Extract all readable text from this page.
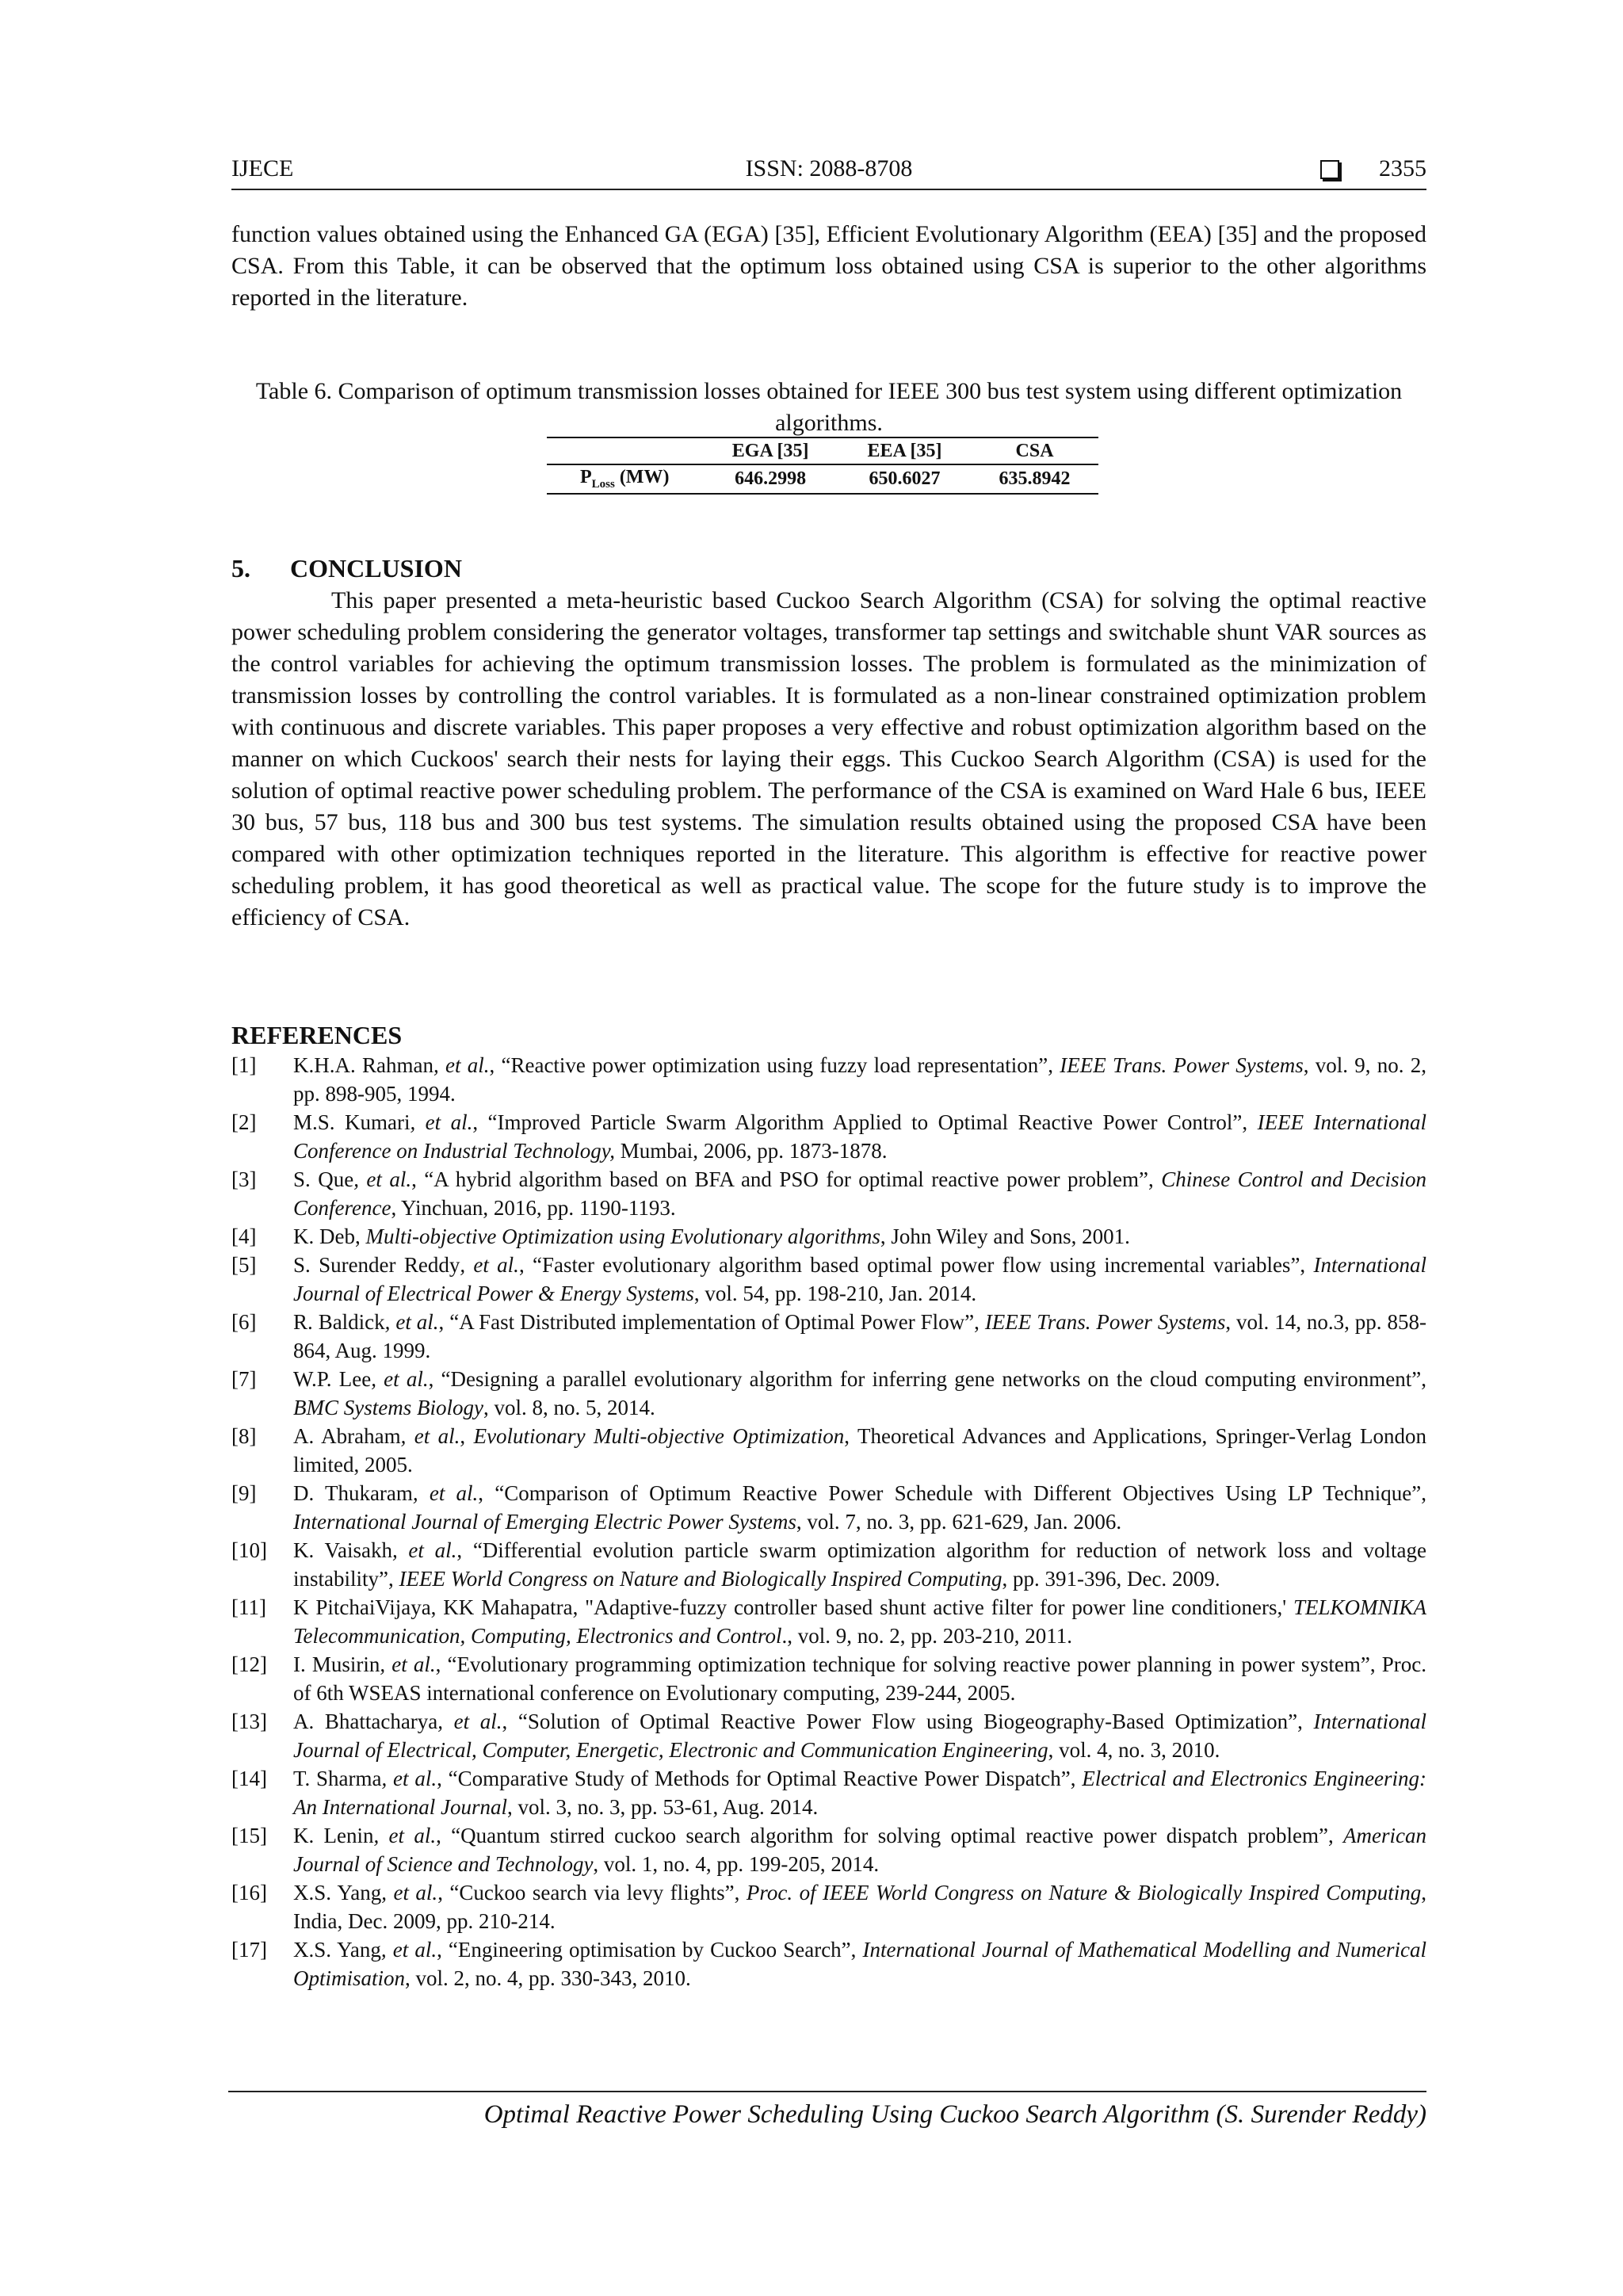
IJECE	ISSN: 2088-8708	2355

function values obtained using the Enhanced GA (EGA) [35], Efficient Evolutionary Algorithm (EEA) [35] and the proposed CSA. From this Table, it can be observed that the optimum loss obtained using CSA is superior to the other algorithms reported in the literature.

Table 6. Comparison of optimum transmission losses obtained for IEEE 300 bus test system using different optimization algorithms.

	EGA [35]	EEA [35]	CSA
$P_{Loss}$ (MW)	646.2998	650.6027	635.8942
5. CONCLUSION

This paper presented a meta-heuristic based Cuckoo Search Algorithm (CSA) for solving the optimal reactive power scheduling problem considering the generator voltages, transformer tap settings and switchable shunt VAR sources as the control variables for achieving the optimum transmission losses. The problem is formulated as the minimization of transmission losses by controlling the control variables. It is formulated as a non-linear constrained optimization problem with continuous and discrete variables. This paper proposes a very effective and robust optimization algorithm based on the manner on which Cuckoos' search their nests for laying their eggs. This Cuckoo Search Algorithm (CSA) is used for the solution of optimal reactive power scheduling problem. The performance of the CSA is examined on Ward Hale 6 bus, IEEE 30 bus, 57 bus, 118 bus and 300 bus test systems. The simulation results obtained using the proposed CSA have been compared with other optimization techniques reported in the literature. This algorithm is effective for reactive power scheduling problem, it has good theoretical as well as practical value. The scope for the future study is to improve the efficiency of CSA.

REFERENCES
[1] K.H.A. Rahman, et al., “Reactive power optimization using fuzzy load representation”, IEEE Trans. Power Systems, vol. 9, no. 2, pp. 898-905, 1994.
[2] M.S. Kumari, et al., “Improved Particle Swarm Algorithm Applied to Optimal Reactive Power Control”, IEEE International Conference on Industrial Technology, Mumbai, 2006, pp. 1873-1878.
[3] S. Que, et al., “A hybrid algorithm based on BFA and PSO for optimal reactive power problem”, Chinese Control and Decision Conference, Yinchuan, 2016, pp. 1190-1193.
[4] K. Deb, Multi-objective Optimization using Evolutionary algorithms, John Wiley and Sons, 2001.
[5] S. Surender Reddy, et al., “Faster evolutionary algorithm based optimal power flow using incremental variables”, International Journal of Electrical Power & Energy Systems, vol. 54, pp. 198-210, Jan. 2014.
[6] R. Baldick, et al., “A Fast Distributed implementation of Optimal Power Flow”, IEEE Trans. Power Systems, vol. 14, no.3, pp. 858-864, Aug. 1999.
[7] W.P. Lee, et al., “Designing a parallel evolutionary algorithm for inferring gene networks on the cloud computing environment”, BMC Systems Biology, vol. 8, no. 5, 2014.
[8] A. Abraham, et al., Evolutionary Multi-objective Optimization, Theoretical Advances and Applications, Springer-Verlag London limited, 2005.
[9] D. Thukaram, et al., “Comparison of Optimum Reactive Power Schedule with Different Objectives Using LP Technique”, International Journal of Emerging Electric Power Systems, vol. 7, no. 3, pp. 621-629, Jan. 2006.
[10] K. Vaisakh, et al., “Differential evolution particle swarm optimization algorithm for reduction of network loss and voltage instability”, IEEE World Congress on Nature and Biologically Inspired Computing, pp. 391-396, Dec. 2009.
[11] K PitchaiVijaya, KK Mahapatra, "Adaptive-fuzzy controller based shunt active filter for power line conditioners,' TELKOMNIKA Telecommunication, Computing, Electronics and Control., vol. 9, no. 2, pp. 203-210, 2011.
[12] I. Musirin, et al., “Evolutionary programming optimization technique for solving reactive power planning in power system”, Proc. of 6th WSEAS international conference on Evolutionary computing, 239-244, 2005.
[13] A. Bhattacharya, et al., “Solution of Optimal Reactive Power Flow using Biogeography-Based Optimization”, International Journal of Electrical, Computer, Energetic, Electronic and Communication Engineering, vol. 4, no. 3, 2010.
[14] T. Sharma, et al., “Comparative Study of Methods for Optimal Reactive Power Dispatch”, Electrical and Electronics Engineering: An International Journal, vol. 3, no. 3, pp. 53-61, Aug. 2014.
[15] K. Lenin, et al., “Quantum stirred cuckoo search algorithm for solving optimal reactive power dispatch problem”, American Journal of Science and Technology, vol. 1, no. 4, pp. 199-205, 2014.
[16] X.S. Yang, et al., “Cuckoo search via levy flights”, Proc. of IEEE World Congress on Nature & Biologically Inspired Computing, India, Dec. 2009, pp. 210-214.
[17] X.S. Yang, et al., “Engineering optimisation by Cuckoo Search”, International Journal of Mathematical Modelling and Numerical Optimisation, vol. 2, no. 4, pp. 330-343, 2010.
Optimal Reactive Power Scheduling Using Cuckoo Search Algorithm (S. Surender Reddy)
